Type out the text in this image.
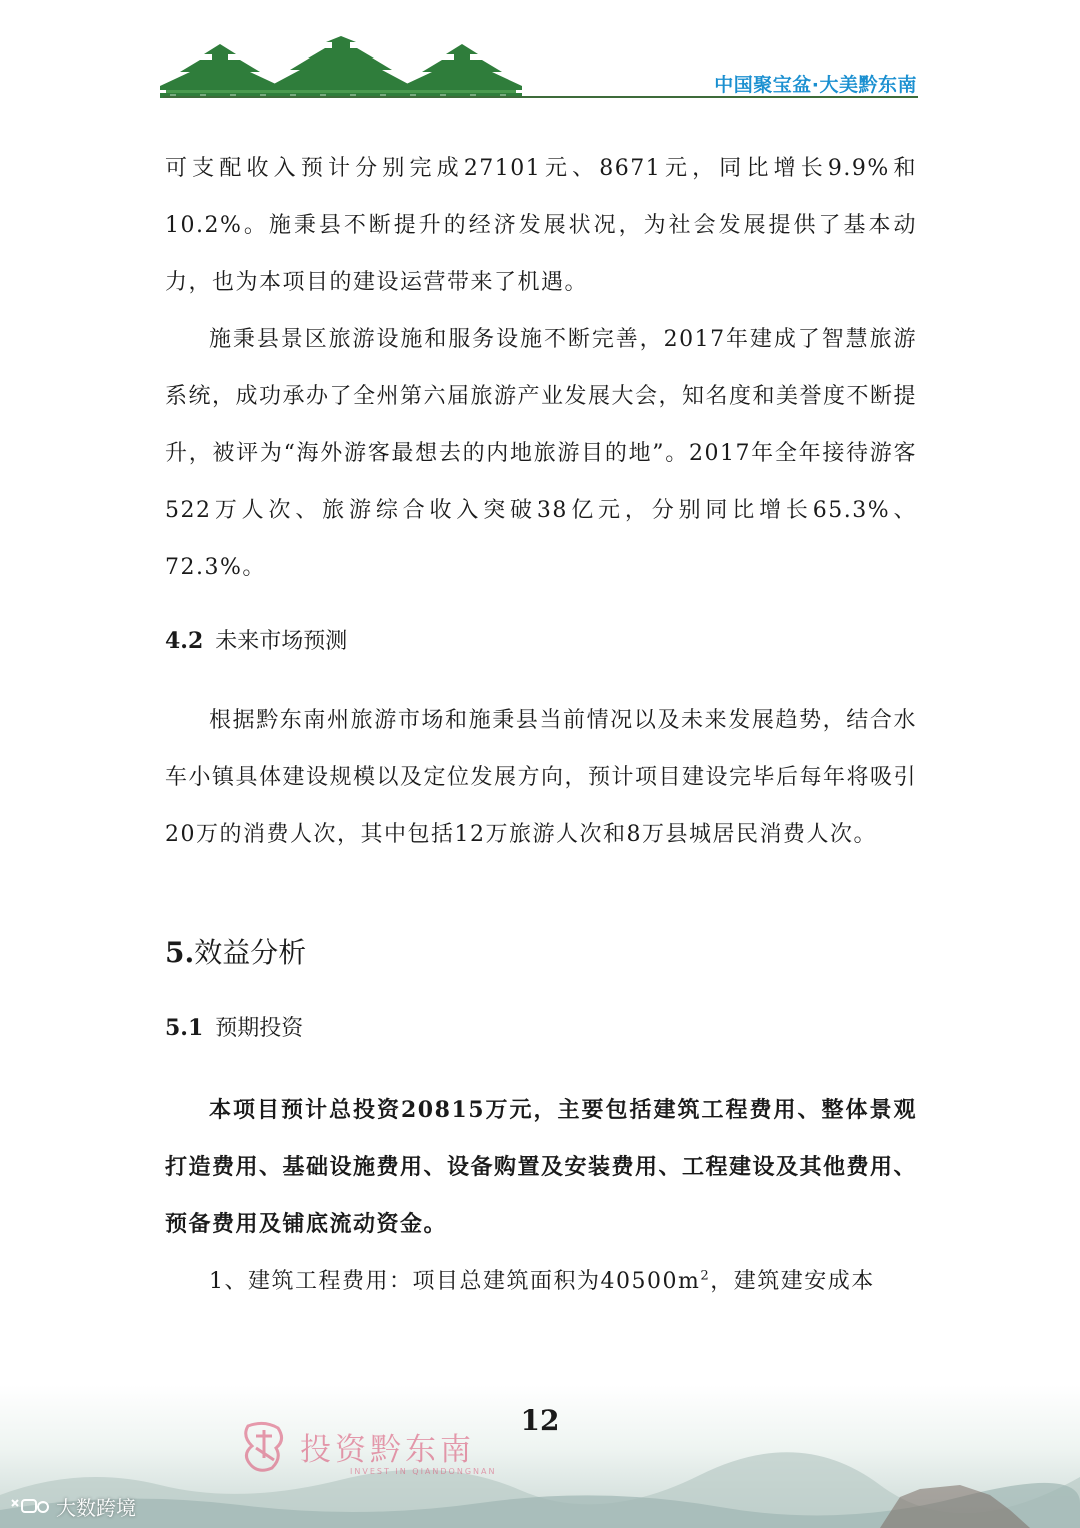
中国聚宝盆·大美黔东南

可支配收入预计分别完成27101元、8671元，同比增长9.9%和10.2%。施秉县不断提升的经济发展状况，为社会发展提供了基本动力，也为本项目的建设运营带来了机遇。

施秉县景区旅游设施和服务设施不断完善，2017年建成了智慧旅游系统，成功承办了全州第六届旅游产业发展大会，知名度和美誉度不断提升，被评为“海外游客最想去的内地旅游目的地”。2017年全年接待游客522万人次、旅游综合收入突破38亿元，分别同比增长65.3%、72.3%。

4.2 未来市场预测

根据黔东南州旅游市场和施秉县当前情况以及未来发展趋势，结合水车小镇具体建设规模以及定位发展方向，预计项目建设完毕后每年将吸引20万的消费人次，其中包括12万旅游人次和8万县城居民消费人次。

5.效益分析
5.1 预期投资

本项目预计总投资20815万元，主要包括建筑工程费用、整体景观打造费用、基础设施费用、设备购置及安装费用、工程建设及其他费用、预备费用及铺底流动资金。

1、建筑工程费用：项目总建筑面积为$40500m^2$，建筑建安成本

12
投资黔东南
INVEST IN QIANDONGNAN
大数跨境
